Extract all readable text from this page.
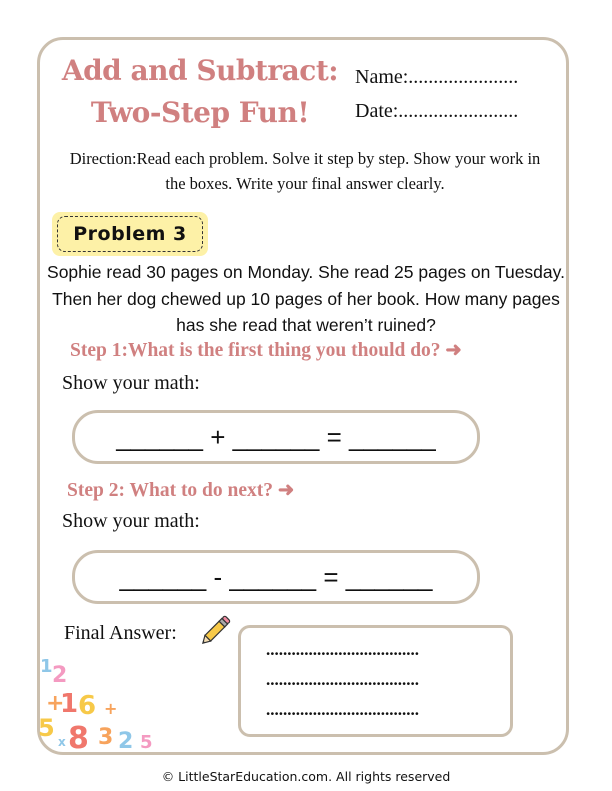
Add and Subtract:
Two-Step Fun!
Name:......................
Date:........................
Direction:Read each problem. Solve it step by step. Show your work in the boxes. Write your final answer clearly.
Problem 3
Sophie read 30 pages on Monday. She read 25 pages on Tuesday. Then her dog chewed up 10 pages of her book. How many pages has she read that weren’t ruined?
Step 1:What is the first thing you thould do? ➜
Show your math:
______ + ______ = ______
Step 2: What to do next? ➜
Show your math:
______ - ______ = ______
Final Answer:
....................................
....................................
....................................
1 2
+
1 6 +
5 x 8 3 2 5
© LittleStarEducation.com. All rights reserved
